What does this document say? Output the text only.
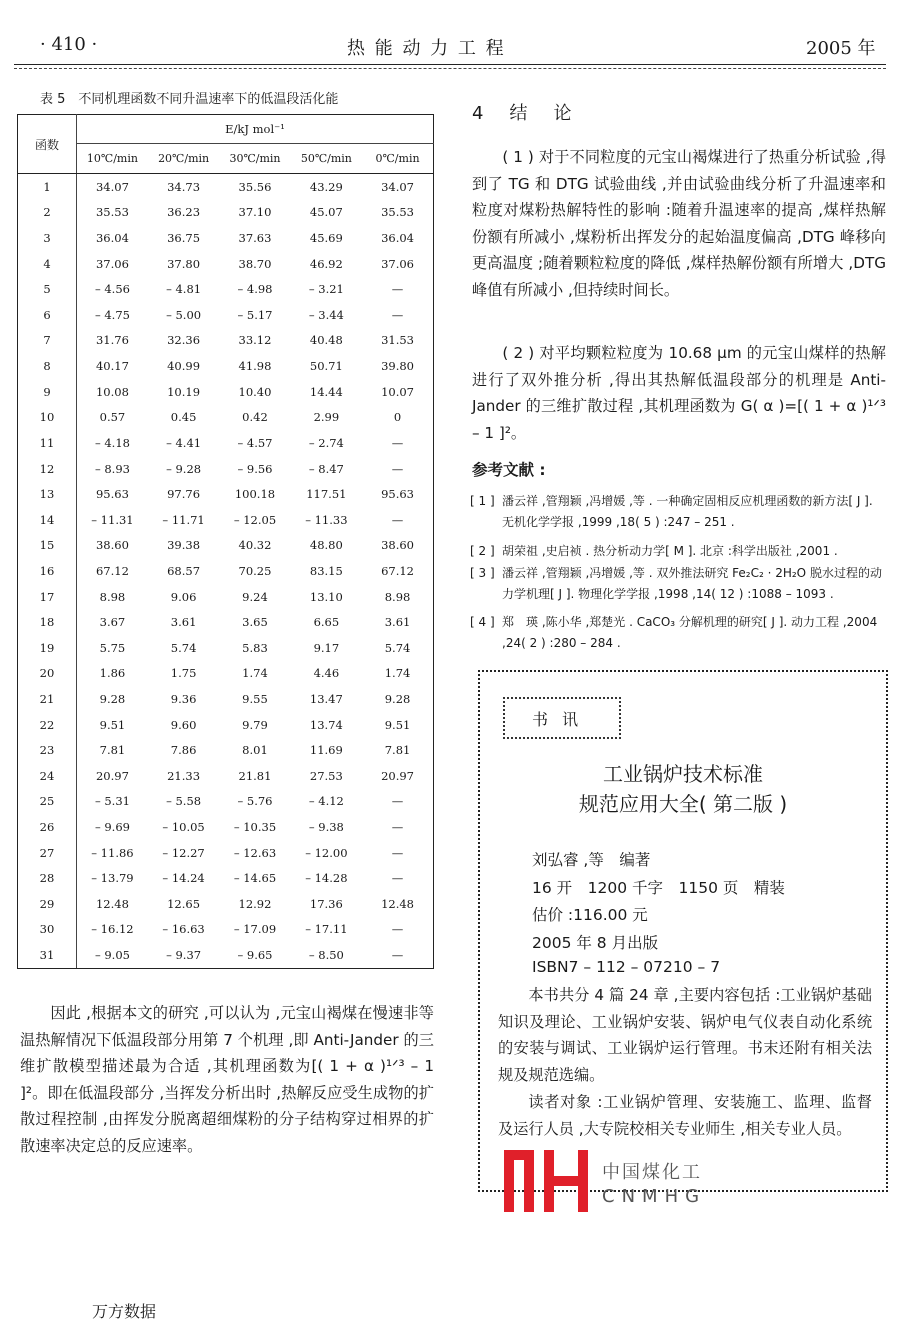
· 410 ·	热 能 动 力 工 程	2005 年
表 5　不同机理函数不同升温速率下的低温段活化能
函数	E/kJ mol⁻¹				
	10℃/min	20℃/min	30℃/min	50℃/min	0℃/min
1	34.07	34.73	35.56	43.29	34.07
2	35.53	36.23	37.10	45.07	35.53
3	36.04	36.75	37.63	45.69	36.04
4	37.06	37.80	38.70	46.92	37.06
5	– 4.56	– 4.81	– 4.98	– 3.21	—
6	– 4.75	– 5.00	– 5.17	– 3.44	—
7	31.76	32.36	33.12	40.48	31.53
8	40.17	40.99	41.98	50.71	39.80
9	10.08	10.19	10.40	14.44	10.07
10	0.57	0.45	0.42	2.99	0
11	– 4.18	– 4.41	– 4.57	– 2.74	—
12	– 8.93	– 9.28	– 9.56	– 8.47	—
13	95.63	97.76	100.18	117.51	95.63
14	– 11.31	– 11.71	– 12.05	– 11.33	—
15	38.60	39.38	40.32	48.80	38.60
16	67.12	68.57	70.25	83.15	67.12
17	8.98	9.06	9.24	13.10	8.98
18	3.67	3.61	3.65	6.65	3.61
19	5.75	5.74	5.83	9.17	5.74
20	1.86	1.75	1.74	4.46	1.74
21	9.28	9.36	9.55	13.47	9.28
22	9.51	9.60	9.79	13.74	9.51
23	7.81	7.86	8.01	11.69	7.81
24	20.97	21.33	21.81	27.53	20.97
25	– 5.31	– 5.58	– 5.76	– 4.12	—
26	– 9.69	– 10.05	– 10.35	– 9.38	—
27	– 11.86	– 12.27	– 12.63	– 12.00	—
28	– 13.79	– 14.24	– 14.65	– 14.28	—
29	12.48	12.65	12.92	17.36	12.48
30	– 16.12	– 16.63	– 17.09	– 17.11	—
31	– 9.05	– 9.37	– 9.65	– 8.50	—
因此 ,根据本文的研究 ,可以认为 ,元宝山褐煤在慢速非等温热解情况下低温段部分用第 7 个机理 ,即 Anti-Jander 的三维扩散模型描述最为合适 ,其机理函数为[( 1 + α )¹ᐟ³ – 1 ]²。即在低温段部分 ,当挥发分析出时 ,热解反应受生成物的扩散过程控制 ,由挥发分脱离超细煤粉的分子结构穿过相界的扩散速率决定总的反应速率。
4　结　论
( 1 ) 对于不同粒度的元宝山褐煤进行了热重分析试验 ,得到了 TG 和 DTG 试验曲线 ,并由试验曲线分析了升温速率和粒度对煤粉热解特性的影响 :随着升温速率的提高 ,煤样热解份额有所减小 ,煤粉析出挥发分的起始温度偏高 ,DTG 峰移向更高温度 ;随着颗粒粒度的降低 ,煤样热解份额有所增大 ,DTG 峰值有所减小 ,但持续时间长。
( 2 ) 对平均颗粒粒度为 10.68 μm 的元宝山煤样的热解进行了双外推分析 ,得出其热解低温段部分的机理是 Anti-Jander 的三维扩散过程 ,其机理函数为 G( α )=[( 1 + α )¹ᐟ³ – 1 ]²。
参考文献 :
[ 1 ] 潘云祥 ,管翔颖 ,冯增媛 ,等 . 一种确定固相反应机理函数的新方法[ J ]. 无机化学学报 ,1999 ,18( 5 ) :247 – 251 .
[ 2 ] 胡荣祖 ,史启祯 . 热分析动力学[ M ]. 北京 :科学出版社 ,2001 .
[ 3 ] 潘云祥 ,管翔颖 ,冯增媛 ,等 . 双外推法研究 Fe₂C₂ · 2H₂O 脱水过程的动力学机理[ J ]. 物理化学学报 ,1998 ,14( 12 ) :1088 – 1093 .
[ 4 ] 郑　瑛 ,陈小华 ,郑楚光 . CaCO₃ 分解机理的研究[ J ]. 动力工程 ,2004 ,24( 2 ) :280 – 284 .
书讯
工业锅炉技术标准
规范应用大全( 第二版 )
刘弘睿 ,等　编著
16 开　1200 千字　1150 页　精装
估价 :116.00 元
2005 年 8 月出版
ISBN7 – 112 – 07210 – 7
本书共分 4 篇 24 章 ,主要内容包括 :工业锅炉基础知识及理论、工业锅炉安装、锅炉电气仪表自动化系统的安装与调试、工业锅炉运行管理。书末还附有相关法规及规范选编。
读者对象 :工业锅炉管理、安装施工、监理、监督及运行人员 ,大专院校相关专业师生 ,相关专业人员。
中国煤化工
CNMHG
万方数据
